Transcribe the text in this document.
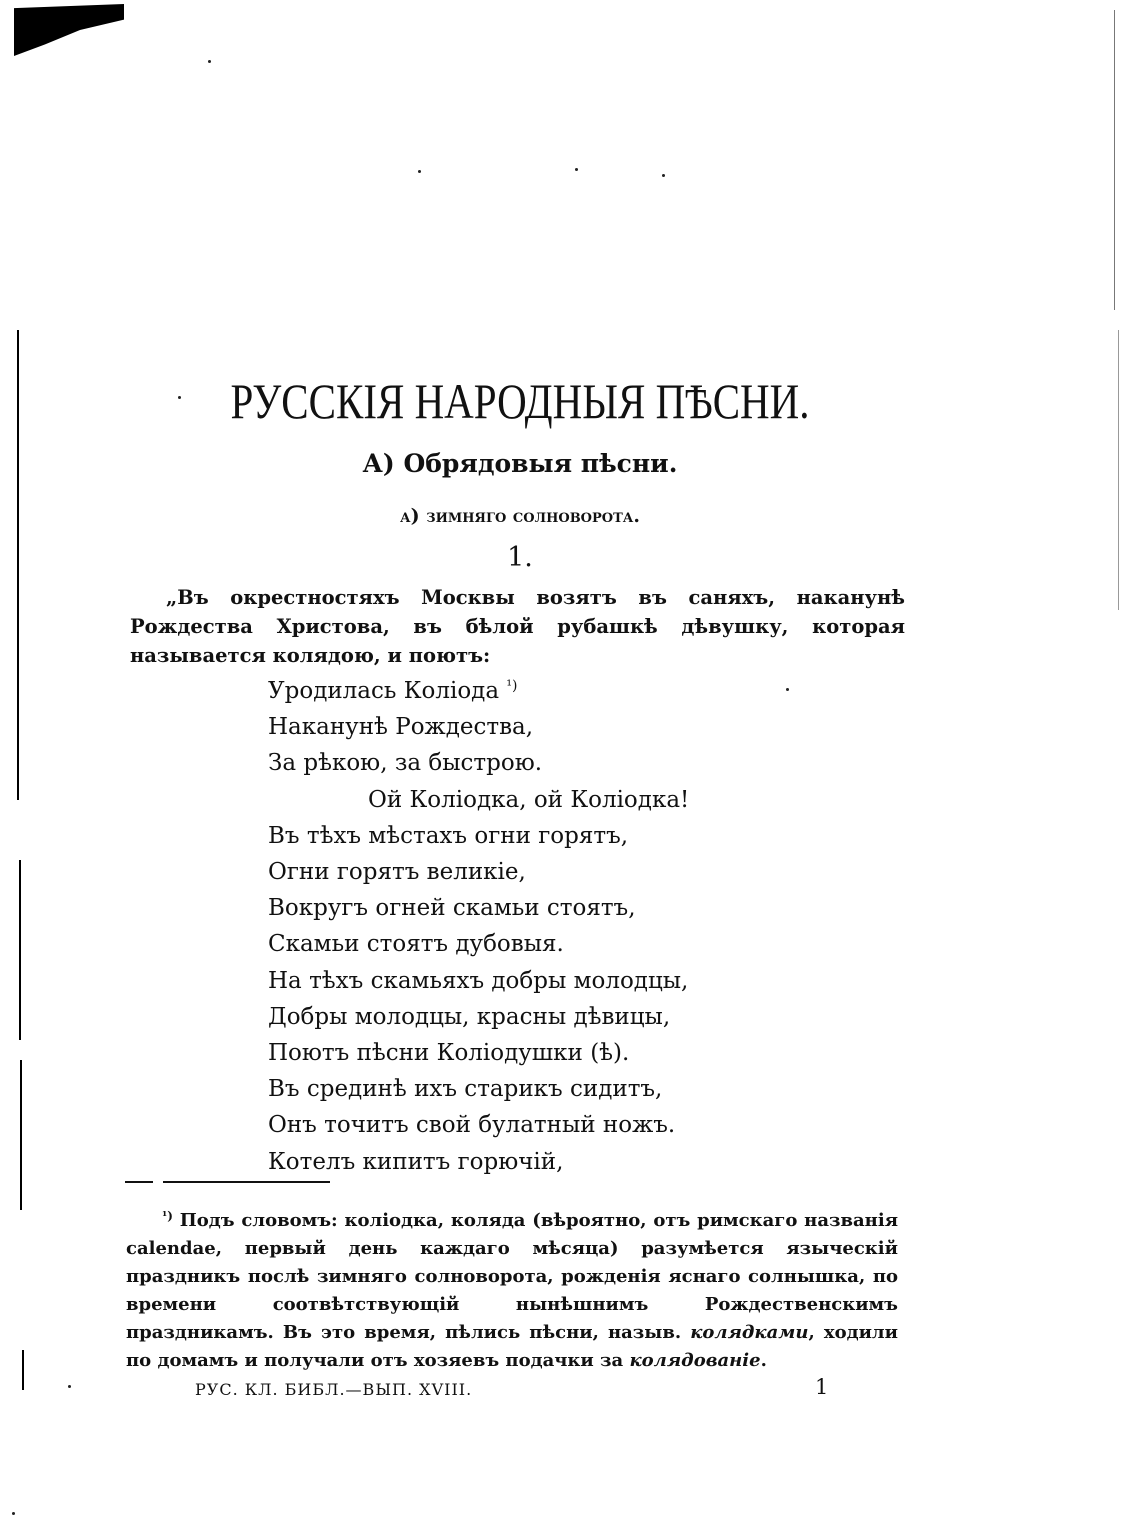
РУССКІЯ НАРОДНЫЯ ПѢСНИ.
А) Обрядовыя пѣсни.
а) зимняго солноворота.
1.

„Въ окрестностяхъ Москвы возятъ въ саняхъ, наканунѣ Рождества Христова, въ бѣлой рубашкѣ дѣвушку, которая называется колядою, и поютъ:

Уродилась Коліода $^{^1)}$
Наканунѣ Рождества,
За рѣкою, за быстрою.
Ой Коліодка, ой Коліодка!
Въ тѣхъ мѣстахъ огни горятъ,
Огни горятъ великіе,
Вокругъ огней скамьи стоятъ,
Скамьи стоятъ дубовыя.
На тѣхъ скамьяхъ добры молодцы,
Добры молодцы, красны дѣвицы,
Поютъ пѣсни Коліодушки (ѣ).
Въ срединѣ ихъ старикъ сидитъ,
Онъ точитъ свой булатный ножъ.
Котелъ кипитъ горючій,

$^{^1)}$ Подъ словомъ: коліодка, коляда (вѣроятно, отъ римскаго названія calendae, первый день каждаго мѣсяца) разумѣется языческій праздникъ послѣ зимняго солноворота, рожденія яснаго солнышка, по времени соотвѣтствующій нынѣшнимъ Рождественскимъ праздникамъ. Въ это время, пѣлись пѣсни, назыв. колядками, ходили по домамъ и получали отъ хозяевъ подачки за колядованіе.

РУС. КЛ. БИБЛ.—ВЫП. XVIII.	1
